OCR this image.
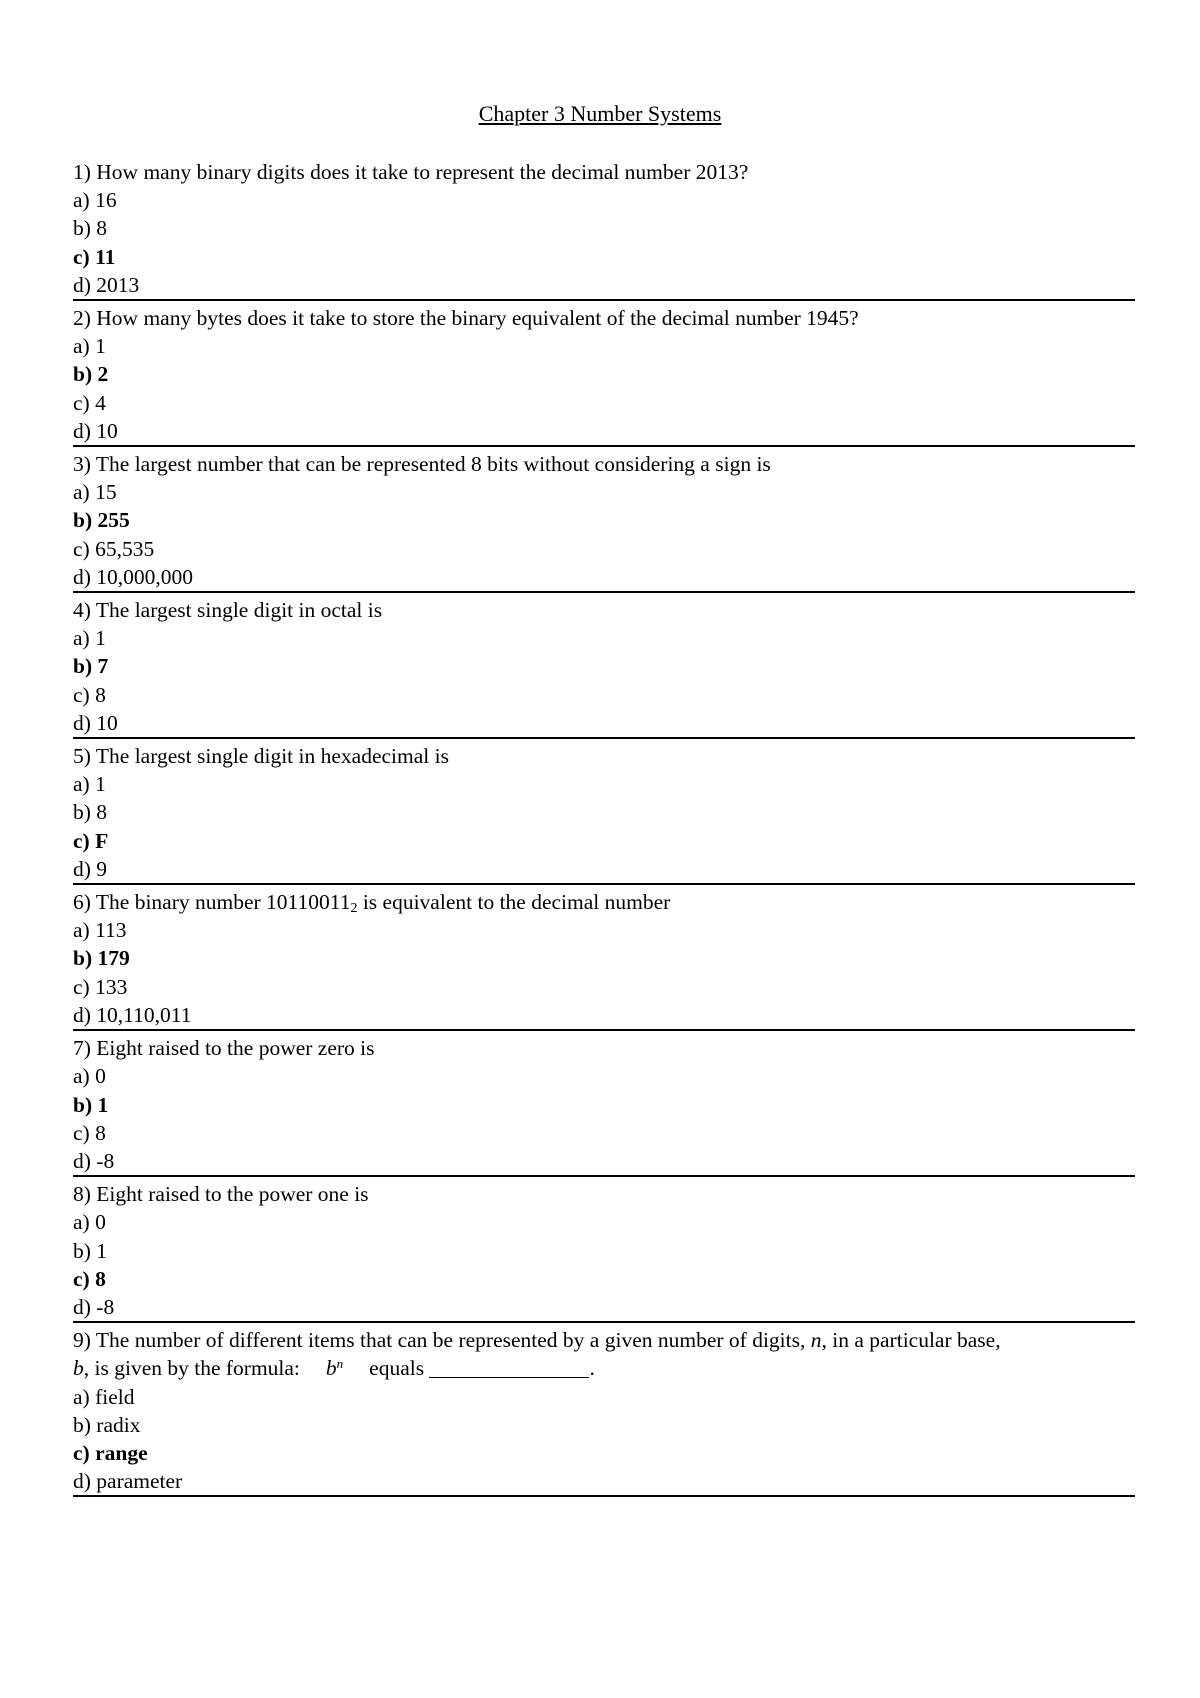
Chapter 3 Number Systems
1) How many binary digits does it take to represent the decimal number 2013?
a) 16
b) 8
c) 11
d) 2013
2) How many bytes does it take to store the binary equivalent of the decimal number 1945?
a) 1
b) 2
c) 4
d) 10
3) The largest number that can be represented 8 bits without considering a sign is
a) 15
b) 255
c) 65,535
d) 10,000,000
4) The largest single digit in octal is
a) 1
b) 7
c) 8
d) 10
5) The largest single digit in hexadecimal is
a) 1
b) 8
c) F
d) 9
6) The binary number $10110011_2$ is equivalent to the decimal number
a) 113
b) 179
c) 133
d) 10,110,011
7) Eight raised to the power zero is
a) 0
b) 1
c) 8
d) -8
8) Eight raised to the power one is
a) 0
b) 1
c) 8
d) -8
9) The number of different items that can be represented by a given number of digits, n, in a particular base,
b, is given by the formula: $b^n$ equals	.
a) field
b) radix
c) range
d) parameter
